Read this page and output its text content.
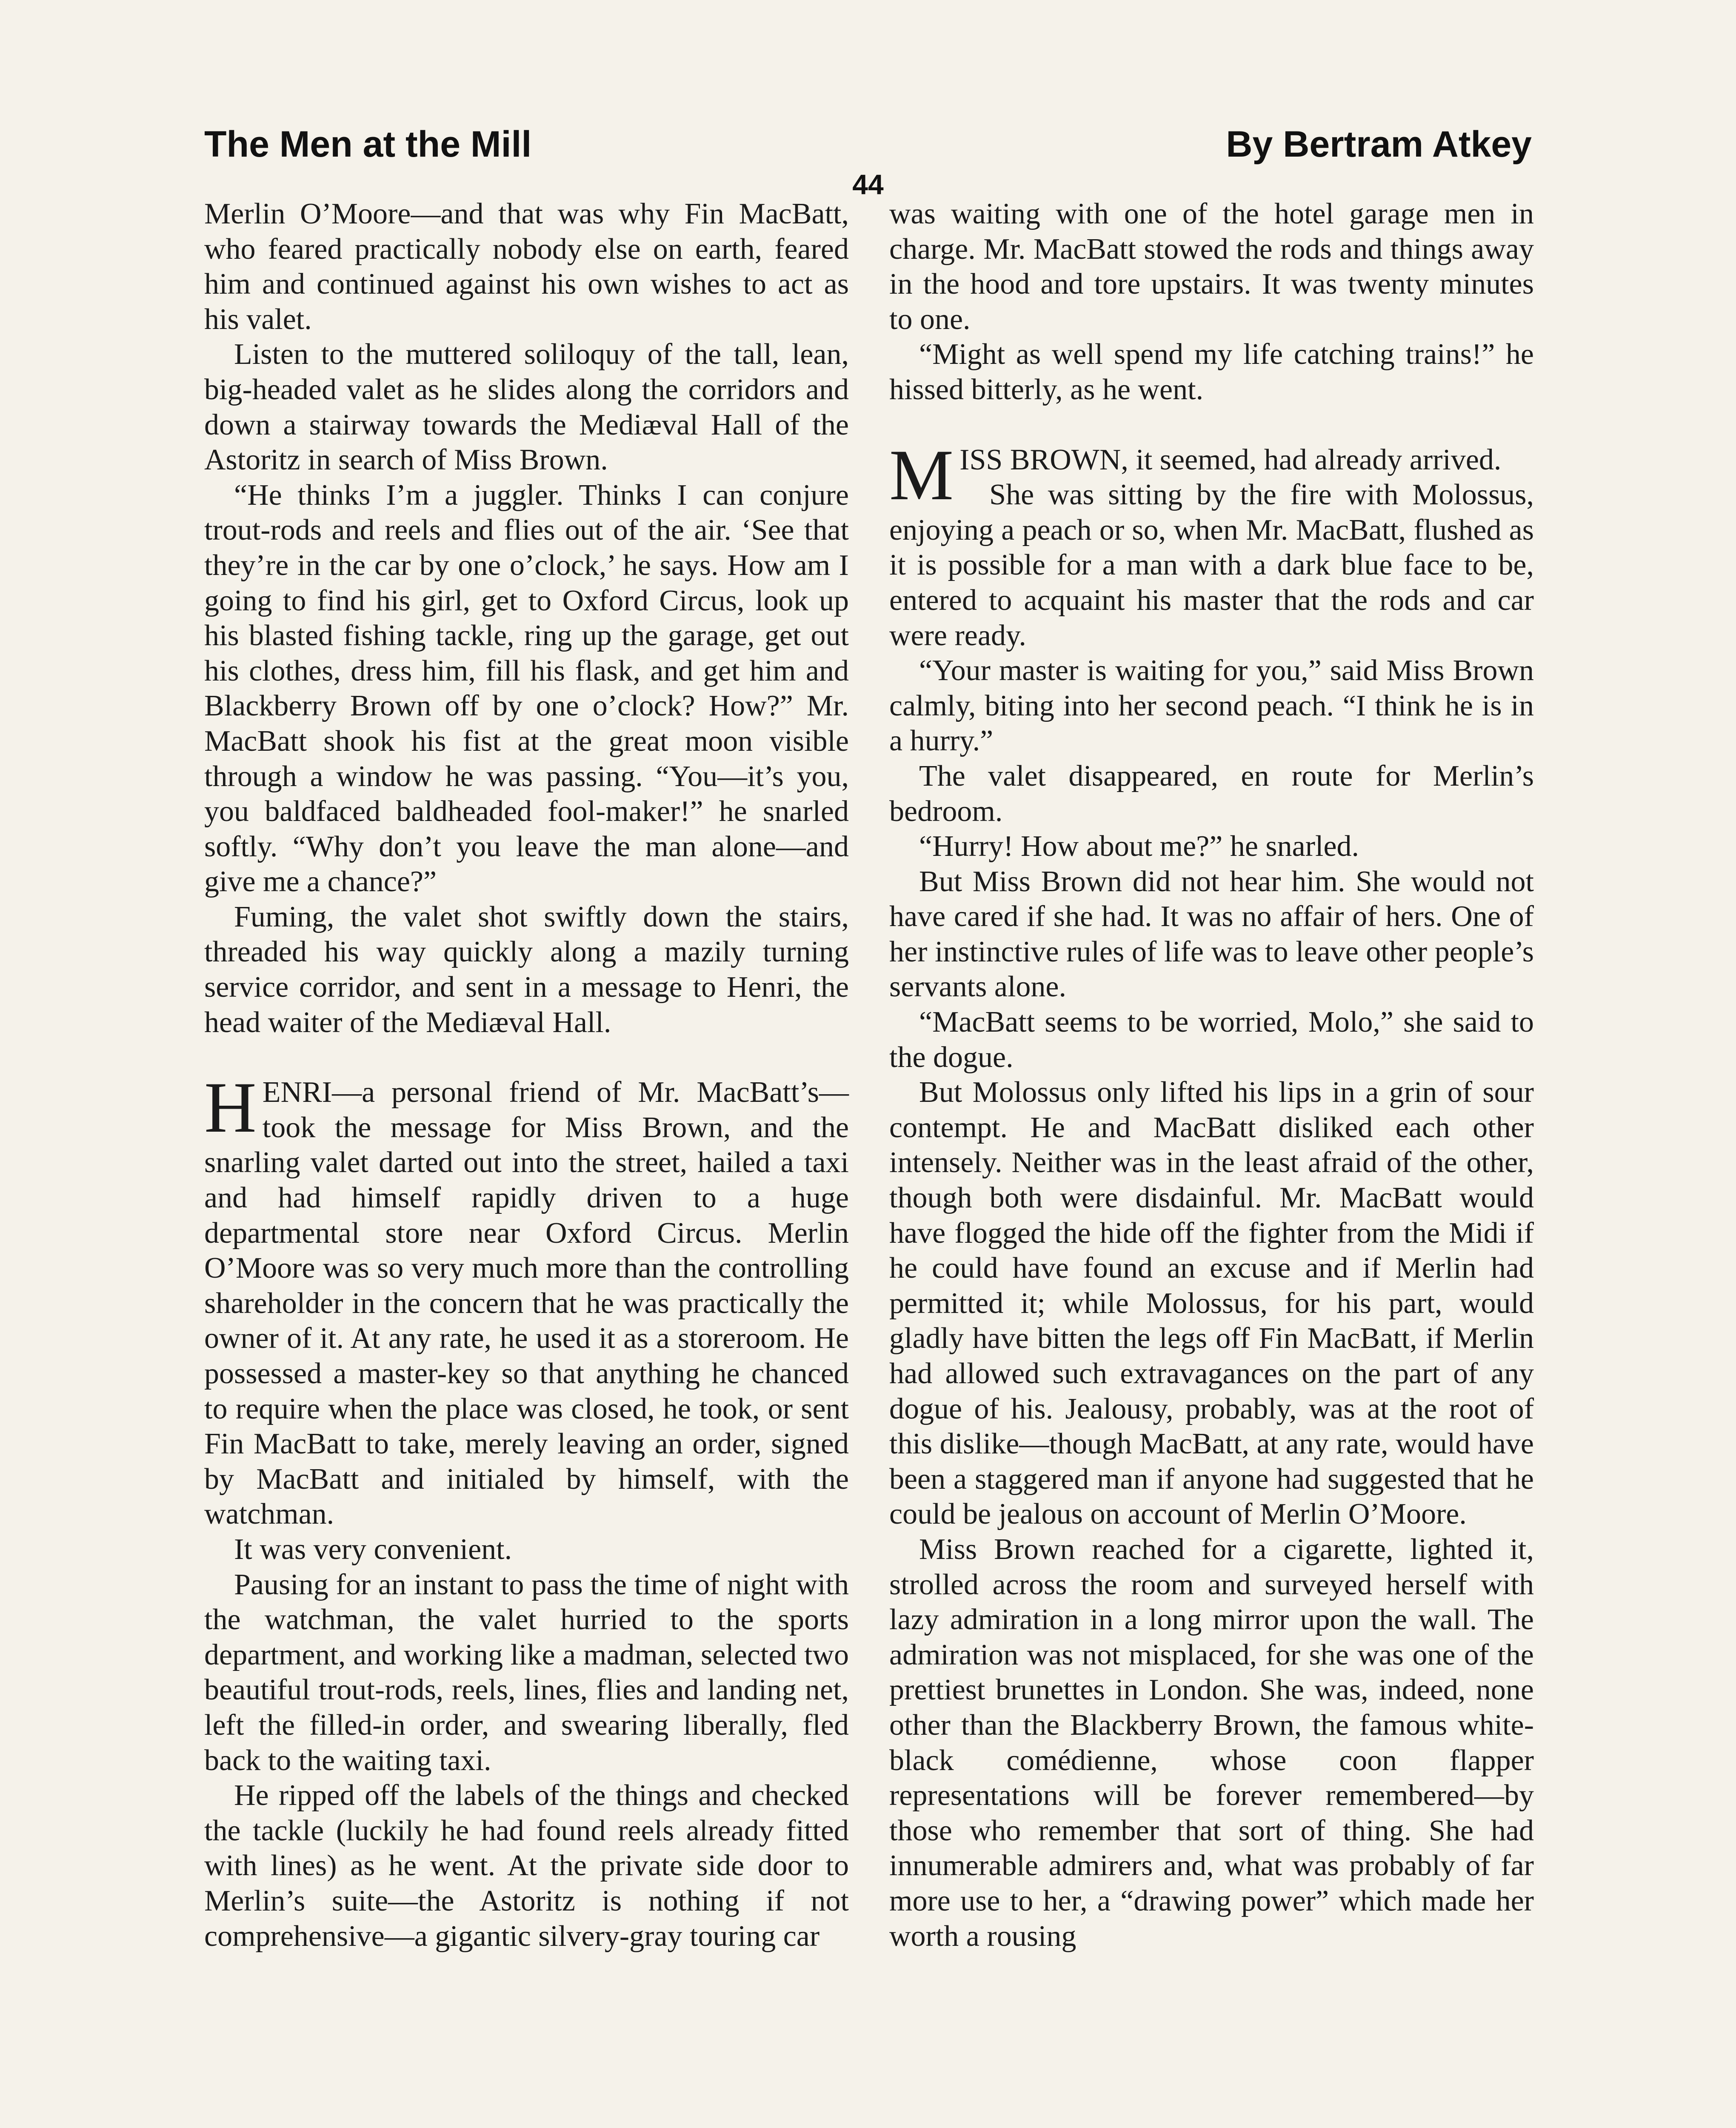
The Men at the Mill	By Bertram Atkey
44

Merlin O’Moore—and that was why Fin MacBatt, who feared practically nobody else on earth, feared him and continued against his own wishes to act as his valet.

Listen to the muttered soliloquy of the tall, lean, big-headed valet as he slides along the corridors and down a stairway towards the Mediæval Hall of the Astoritz in search of Miss Brown.

“He thinks I’m a juggler. Thinks I can conjure trout-rods and reels and flies out of the air. ‘See that they’re in the car by one o’clock,’ he says. How am I going to find his girl, get to Oxford Circus, look up his blasted fishing tackle, ring up the garage, get out his clothes, dress him, fill his flask, and get him and Blackberry Brown off by one o’clock? How?” Mr. MacBatt shook his fist at the great moon visible through a window he was passing. “You—it’s you, you baldfaced baldheaded fool-maker!” he snarled softly. “Why don’t you leave the man alone—and give me a chance?”

Fuming, the valet shot swiftly down the stairs, threaded his way quickly along a mazily turning service corridor, and sent in a message to Henri, the head waiter of the Mediæval Hall.

HENRI—a personal friend of Mr. MacBatt’s—took the message for Miss Brown, and the snarling valet darted out into the street, hailed a taxi and had himself rapidly driven to a huge departmental store near Oxford Circus. Merlin O’Moore was so very much more than the controlling shareholder in the concern that he was practically the owner of it. At any rate, he used it as a storeroom. He possessed a master-key so that anything he chanced to require when the place was closed, he took, or sent Fin MacBatt to take, merely leaving an order, signed by MacBatt and initialed by himself, with the watchman.

It was very convenient.

Pausing for an instant to pass the time of night with the watchman, the valet hurried to the sports department, and working like a madman, selected two beautiful trout-rods, reels, lines, flies and landing net, left the filled-in order, and swearing liberally, fled back to the waiting taxi.

He ripped off the labels of the things and checked the tackle (luckily he had found reels already fitted with lines) as he went. At the private side door to Merlin’s suite—the Astoritz is nothing if not comprehensive—a gigantic silvery-gray touring car

was waiting with one of the hotel garage men in charge. Mr. MacBatt stowed the rods and things away in the hood and tore upstairs. It was twenty minutes to one.

“Might as well spend my life catching trains!” he hissed bitterly, as he went.

MISS BROWN, it seemed, had already arrived.

She was sitting by the fire with Molossus, enjoying a peach or so, when Mr. MacBatt, flushed as it is possible for a man with a dark blue face to be, entered to acquaint his master that the rods and car were ready.

“Your master is waiting for you,” said Miss Brown calmly, biting into her second peach. “I think he is in a hurry.”

The valet disappeared, en route for Merlin’s bedroom.

“Hurry! How about me?” he snarled.

But Miss Brown did not hear him. She would not have cared if she had. It was no affair of hers. One of her instinctive rules of life was to leave other people’s servants alone.

“MacBatt seems to be worried, Molo,” she said to the dogue.

But Molossus only lifted his lips in a grin of sour contempt. He and MacBatt disliked each other intensely. Neither was in the least afraid of the other, though both were disdainful. Mr. MacBatt would have flogged the hide off the fighter from the Midi if he could have found an excuse and if Merlin had permitted it; while Molossus, for his part, would gladly have bitten the legs off Fin MacBatt, if Merlin had allowed such extravagances on the part of any dogue of his. Jealousy, probably, was at the root of this dislike—though MacBatt, at any rate, would have been a staggered man if anyone had suggested that he could be jealous on account of Merlin O’Moore.

Miss Brown reached for a cigarette, lighted it, strolled across the room and surveyed herself with lazy admiration in a long mirror upon the wall. The admiration was not misplaced, for she was one of the prettiest brunettes in London. She was, indeed, none other than the Blackberry Brown, the famous white-black comédienne, whose coon flapper representations will be forever remembered—by those who remember that sort of thing. She had innumerable admirers and, what was probably of far more use to her, a “drawing power” which made her worth a rousing
